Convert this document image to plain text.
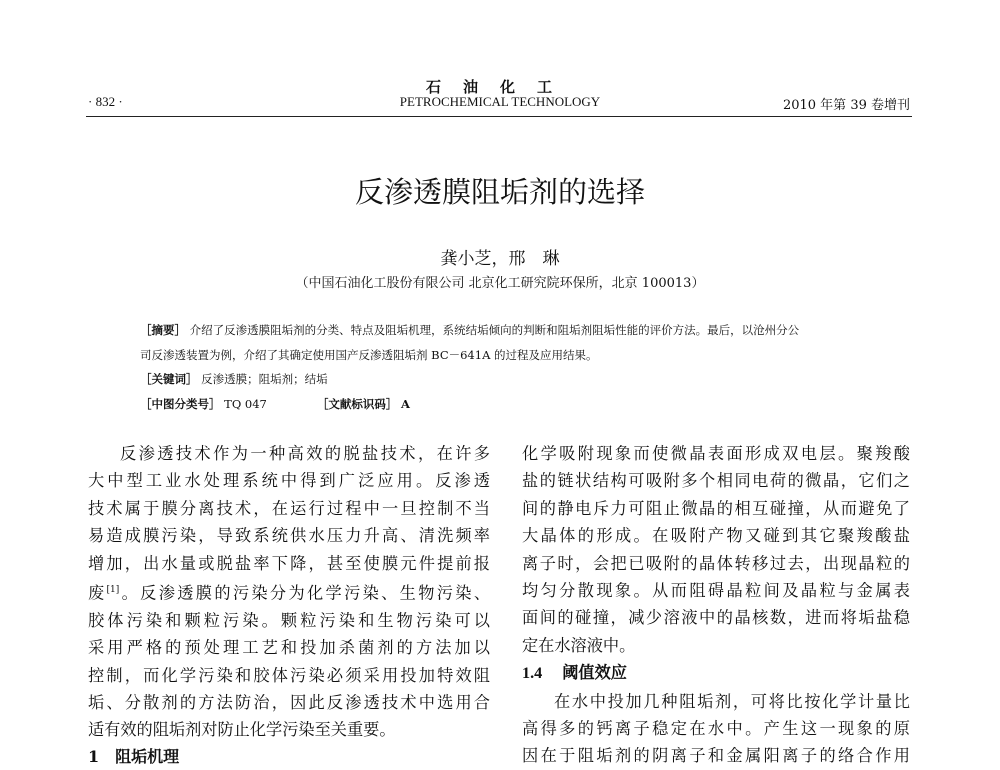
石油化工
· 832 ·	PETROCHEMICAL TECHNOLOGY	2010 年第 39 卷增刊
反渗透膜阻垢剂的选择
龚小芝，邢　琳
（中国石油化工股份有限公司 北京化工研究院环保所，北京 100013）
［摘要］ 介绍了反渗透膜阻垢剂的分类、特点及阻垢机理，系统结垢倾向的判断和阻垢剂阻垢性能的评价方法。最后，以沧州分公
司反渗透装置为例，介绍了其确定使用国产反渗透阻垢剂 BC－641A 的过程及应用结果。
［关键词］ 反渗透膜；阻垢剂；结垢
［中图分类号］ TQ 047	［文献标识码］ A
反渗透技术作为一种高效的脱盐技术，在许多
大中型工业水处理系统中得到广泛应用。反渗透
技术属于膜分离技术，在运行过程中一旦控制不当
易造成膜污染，导致系统供水压力升高、清洗频率
增加，出水量或脱盐率下降，甚至使膜元件提前报
废[1]。反渗透膜的污染分为化学污染、生物污染、
胶体污染和颗粒污染。颗粒污染和生物污染可以
采用严格的预处理工艺和投加杀菌剂的方法加以
控制，而化学污染和胶体污染必须采用投加特效阻
垢、分散剂的方法防治，因此反渗透技术中选用合
适有效的阻垢剂对防止化学污染至关重要。
1　阻垢机理
化学吸附现象而使微晶表面形成双电层。聚羧酸
盐的链状结构可吸附多个相同电荷的微晶，它们之
间的静电斥力可阻止微晶的相互碰撞，从而避免了
大晶体的形成。在吸附产物又碰到其它聚羧酸盐
离子时，会把已吸附的晶体转移过去，出现晶粒的
均匀分散现象。从而阻碍晶粒间及晶粒与金属表
面间的碰撞，减少溶液中的晶核数，进而将垢盐稳
定在水溶液中。
1.4 阈值效应
在水中投加几种阻垢剂，可将比按化学计量比
高得多的钙离子稳定在水中。产生这一现象的原
因在于阻垢剂的阴离子和金属阳离子的络合作用
